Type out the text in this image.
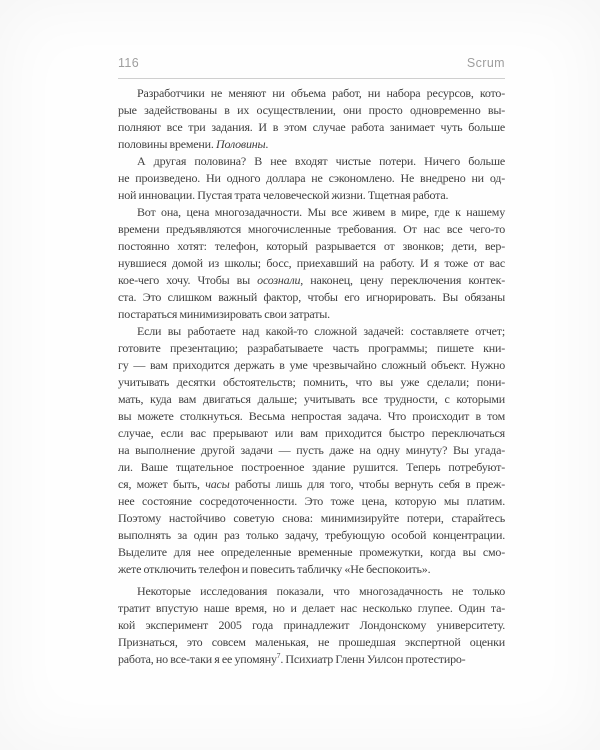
116	Scrum
Разработчики не меняют ни объема работ, ни набора ресурсов, кото-
рые задействованы в их осуществлении, они просто одновременно вы-
полняют все три задания. И в этом случае работа занимает чуть больше
половины времени. Половины.
А другая половина? В нее входят чистые потери. Ничего больше
не произведено. Ни одного доллара не сэкономлено. Не внедрено ни од-
ной инновации. Пустая трата человеческой жизни. Тщетная работа.
Вот она, цена многозадачности. Мы все живем в мире, где к нашему
времени предъявляются многочисленные требования. От нас все чего-то
постоянно хотят: телефон, который разрывается от звонков; дети, вер-
нувшиеся домой из школы; босс, приехавший на работу. И я тоже от вас
кое-чего хочу. Чтобы вы осознали, наконец, цену переключения контек-
ста. Это слишком важный фактор, чтобы его игнорировать. Вы обязаны
постараться минимизировать свои затраты.
Если вы работаете над какой-то сложной задачей: составляете отчет;
готовите презентацию; разрабатываете часть программы; пишете кни-
гу — вам приходится держать в уме чрезвычайно сложный объект. Нужно
учитывать десятки обстоятельств; помнить, что вы уже сделали; пони-
мать, куда вам двигаться дальше; учитывать все трудности, с которыми
вы можете столкнуться. Весьма непростая задача. Что происходит в том
случае, если вас прерывают или вам приходится быстро переключаться
на выполнение другой задачи — пусть даже на одну минуту? Вы угада-
ли. Ваше тщательное построенное здание рушится. Теперь потребуют-
ся, может быть, часы работы лишь для того, чтобы вернуть себя в преж-
нее состояние сосредоточенности. Это тоже цена, которую мы платим.
Поэтому настойчиво советую снова: минимизируйте потери, старайтесь
выполнять за один раз только задачу, требующую особой концентрации.
Выделите для нее определенные временные промежутки, когда вы смо-
жете отключить телефон и повесить табличку «Не беспокоить».
Некоторые исследования показали, что многозадачность не только
тратит впустую наше время, но и делает нас несколько глупее. Один та-
кой эксперимент 2005 года принадлежит Лондонскому университету.
Признаться, это совсем маленькая, не прошедшая экспертной оценки
работа, но все-таки я ее упомяну$^7$. Психиатр Гленн Уилсон протестиро-
